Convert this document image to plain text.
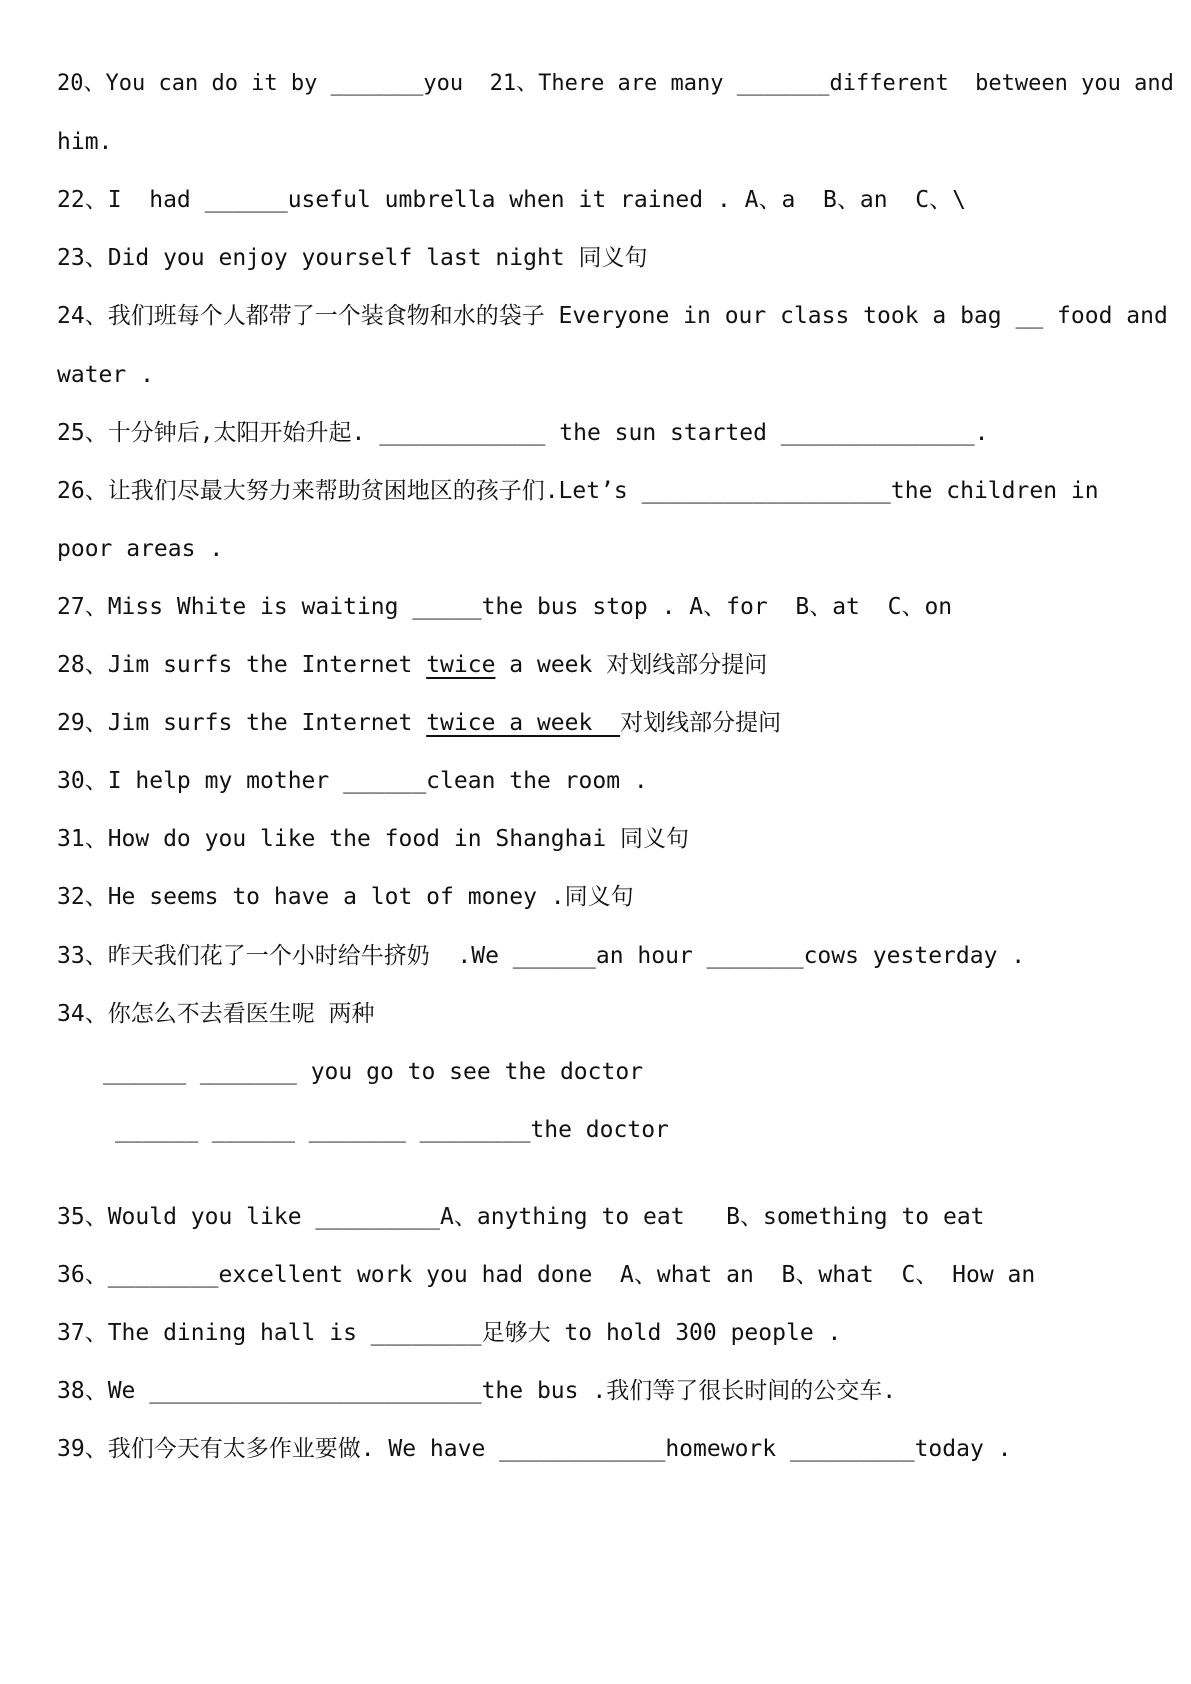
20、You can do it by _______you  21、There are many _______different  between you and
him.
22、I  had ______useful umbrella when it rained . A、a  B、an  C、\
23、Did you enjoy yourself last night 同义句
24、我们班每个人都带了一个装食物和水的袋子 Everyone in our class took a bag __ food and
water .
25、十分钟后,太阳开始升起. ____________ the sun started ______________.
26、让我们尽最大努力来帮助贫困地区的孩子们.Let’s __________________the children in
poor areas .
27、Miss White is waiting _____the bus stop . A、for  B、at  C、on
28、Jim surfs the Internet twice a week 对划线部分提问
29、Jim surfs the Internet twice a week  对划线部分提问
30、I help my mother ______clean the room .
31、How do you like the food in Shanghai 同义句
32、He seems to have a lot of money .同义句
33、昨天我们花了一个小时给牛挤奶  .We ______an hour _______cows yesterday .
34、你怎么不去看医生呢 两种
______ _______ you go to see the doctor
______ ______ _______ ________the doctor
35、Would you like _________A、anything to eat   B、something to eat
36、________excellent work you had done  A、what an  B、what  C、 How an
37、The dining hall is ________足够大 to hold 300 people .
38、We ________________________the bus .我们等了很长时间的公交车.
39、我们今天有太多作业要做. We have ____________homework _________today .
